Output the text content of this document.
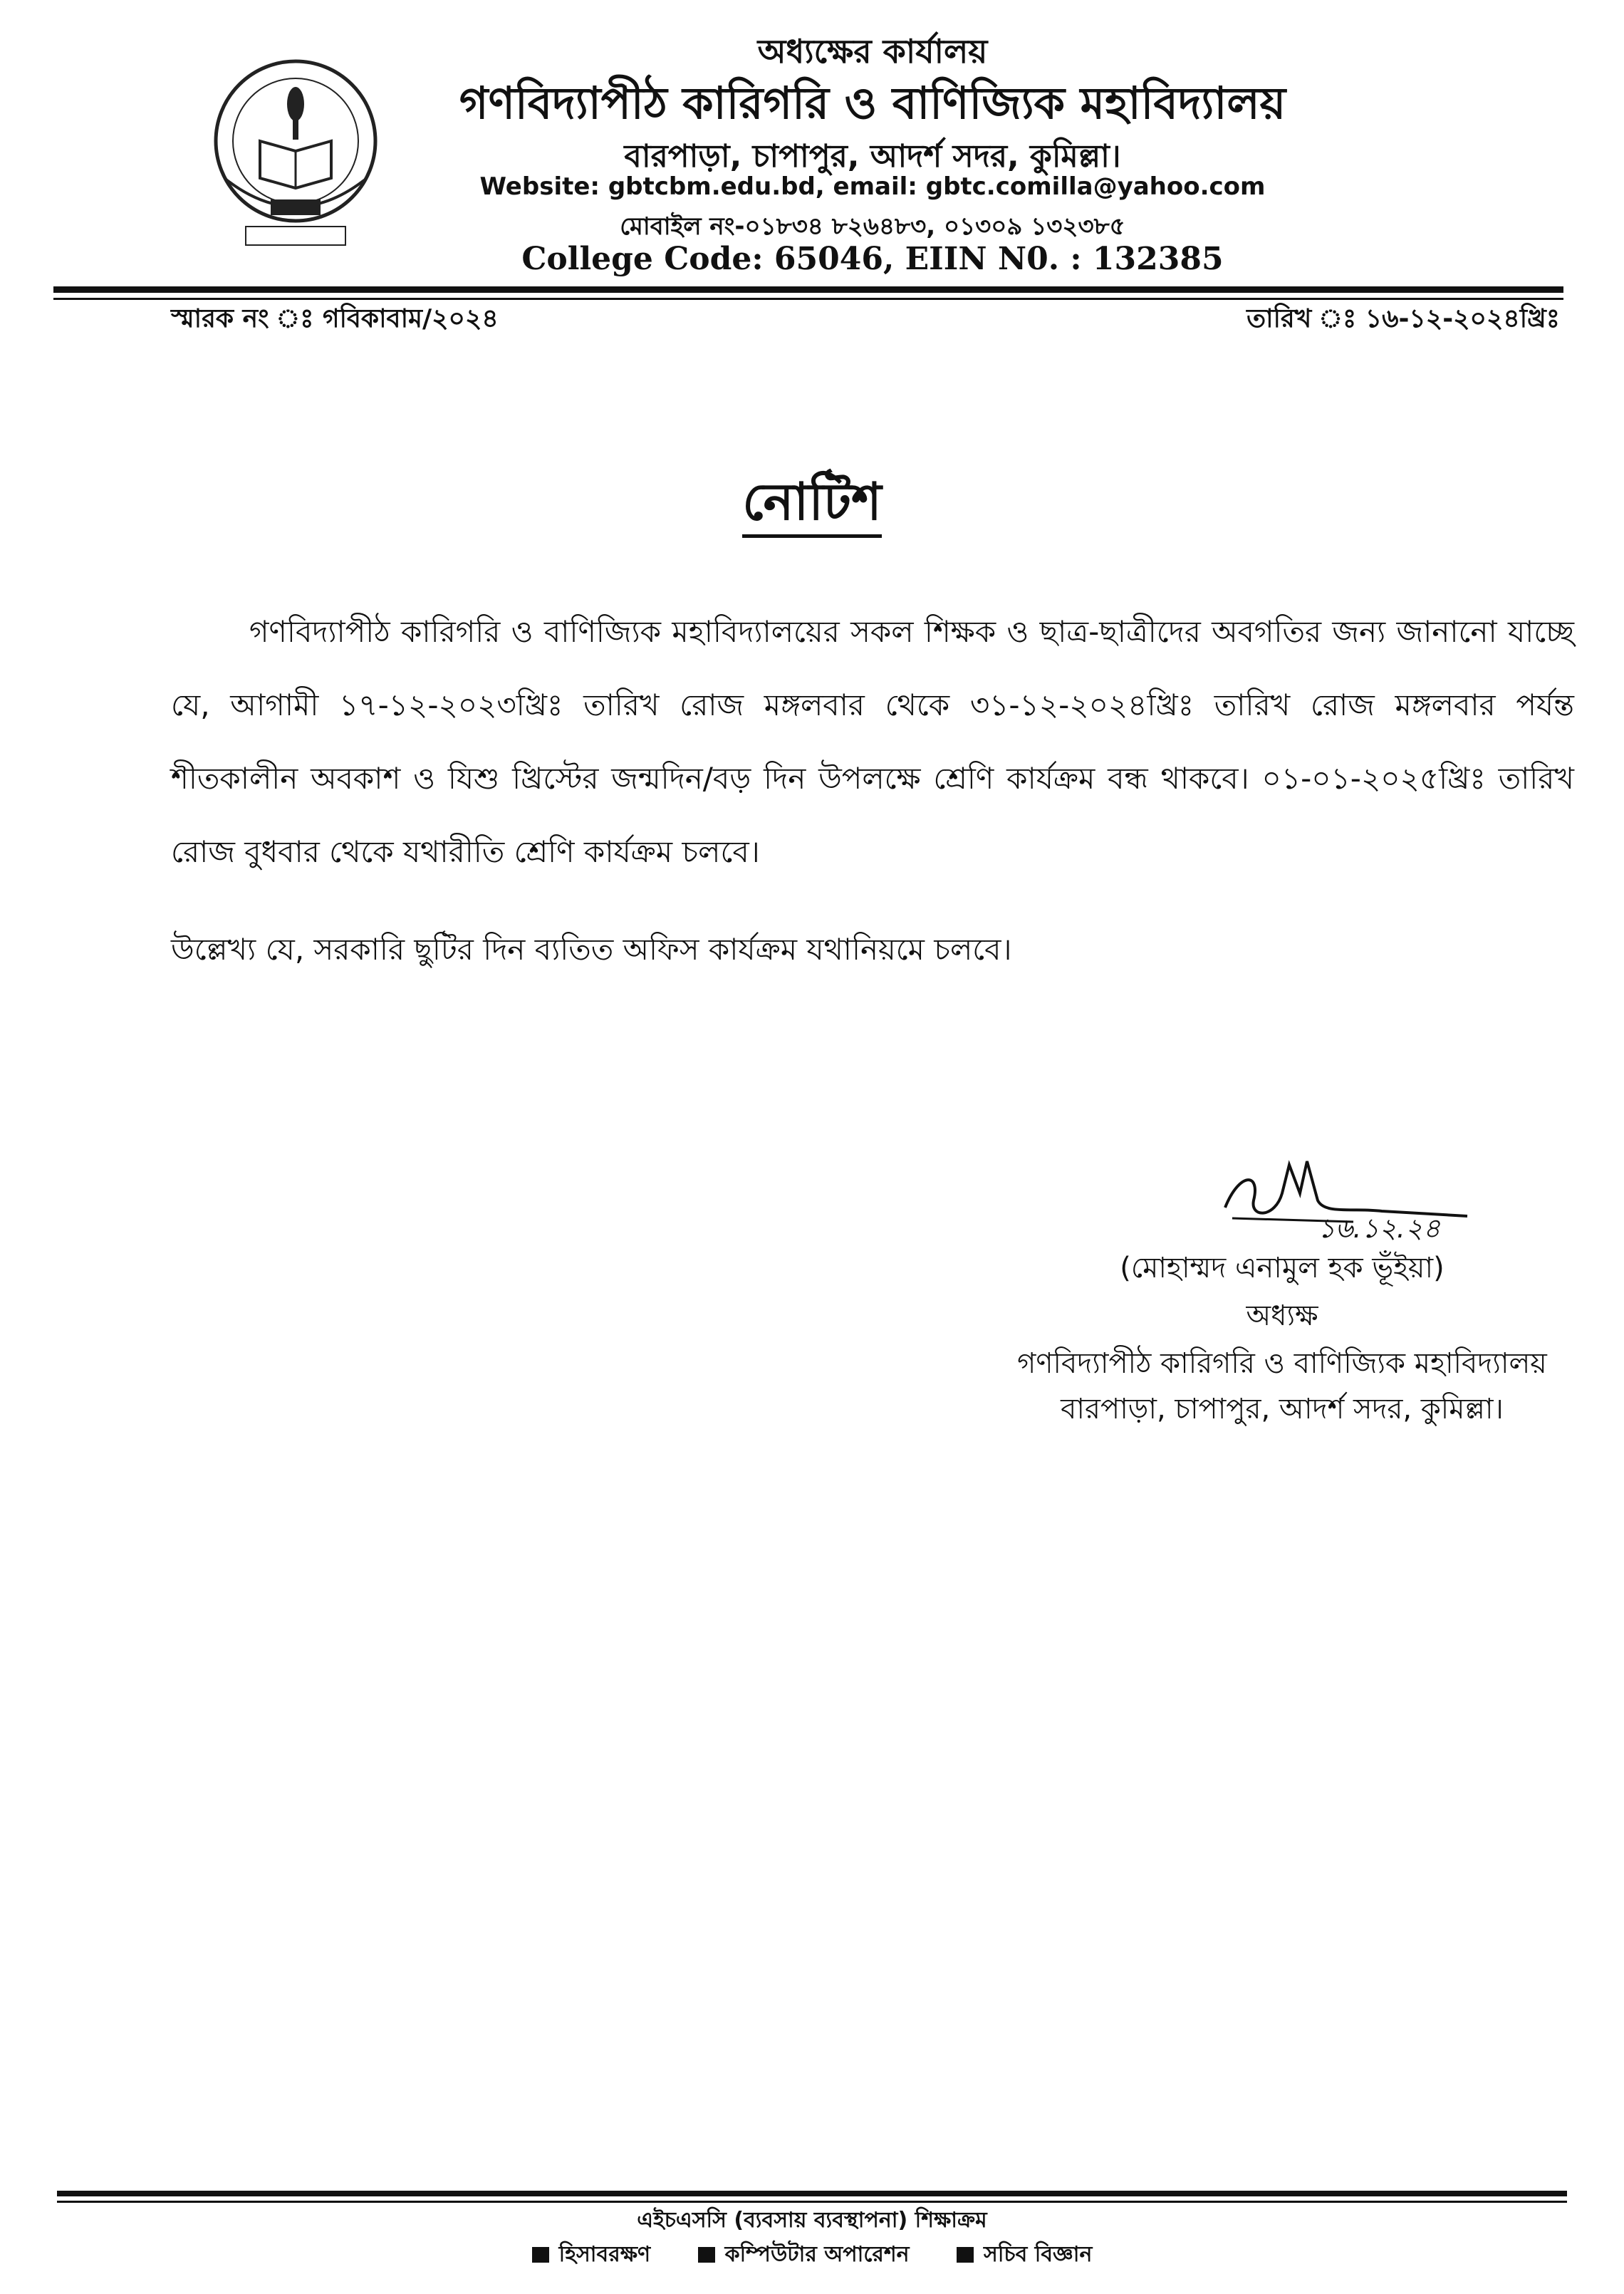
অধ্যক্ষের কার্যালয়
গণবিদ্যাপীঠ কারিগরি ও বাণিজ্যিক মহাবিদ্যালয়
বারপাড়া, চাপাপুর, আদর্শ সদর, কুমিল্লা।
Website: gbtcbm.edu.bd, email: gbtc.comilla@yahoo.com
মোবাইল নং-০১৮৩৪ ৮২৬৪৮৩, ০১৩০৯ ১৩২৩৮৫
College Code: 65046, EIIN N0. : 132385
স্মারক নং ঃ গবিকাবাম/২০২৪	তারিখ ঃ ১৬-১২-২০২৪খ্রিঃ
নোটিশ
গণবিদ্যাপীঠ কারিগরি ও বাণিজ্যিক মহাবিদ্যালয়ের সকল শিক্ষক ও ছাত্র-ছাত্রীদের অবগতির জন্য জানানো যাচ্ছে যে, আগামী ১৭-১২-২০২৩খ্রিঃ তারিখ রোজ মঙ্গলবার থেকে ৩১-১২-২০২৪খ্রিঃ তারিখ রোজ মঙ্গলবার পর্যন্ত শীতকালীন অবকাশ ও যিশু খ্রিস্টের জন্মদিন/বড় দিন উপলক্ষে শ্রেণি কার্যক্রম বন্ধ থাকবে। ০১-০১-২০২৫খ্রিঃ তারিখ রোজ বুধবার থেকে যথারীতি শ্রেণি কার্যক্রম চলবে।
উল্লেখ্য যে, সরকারি ছুটির দিন ব্যতিত অফিস কার্যক্রম যথানিয়মে চলবে।
১৬.১২.২৪
(মোহাম্মদ এনামুল হক ভূঁইয়া)
অধ্যক্ষ
গণবিদ্যাপীঠ কারিগরি ও বাণিজ্যিক মহাবিদ্যালয়
বারপাড়া, চাপাপুর, আদর্শ সদর, কুমিল্লা।
এইচএসসি (ব্যবসায় ব্যবস্থাপনা) শিক্ষাক্রম
হিসাবরক্ষণ	কম্পিউটার অপারেশন	সচিব বিজ্ঞান
